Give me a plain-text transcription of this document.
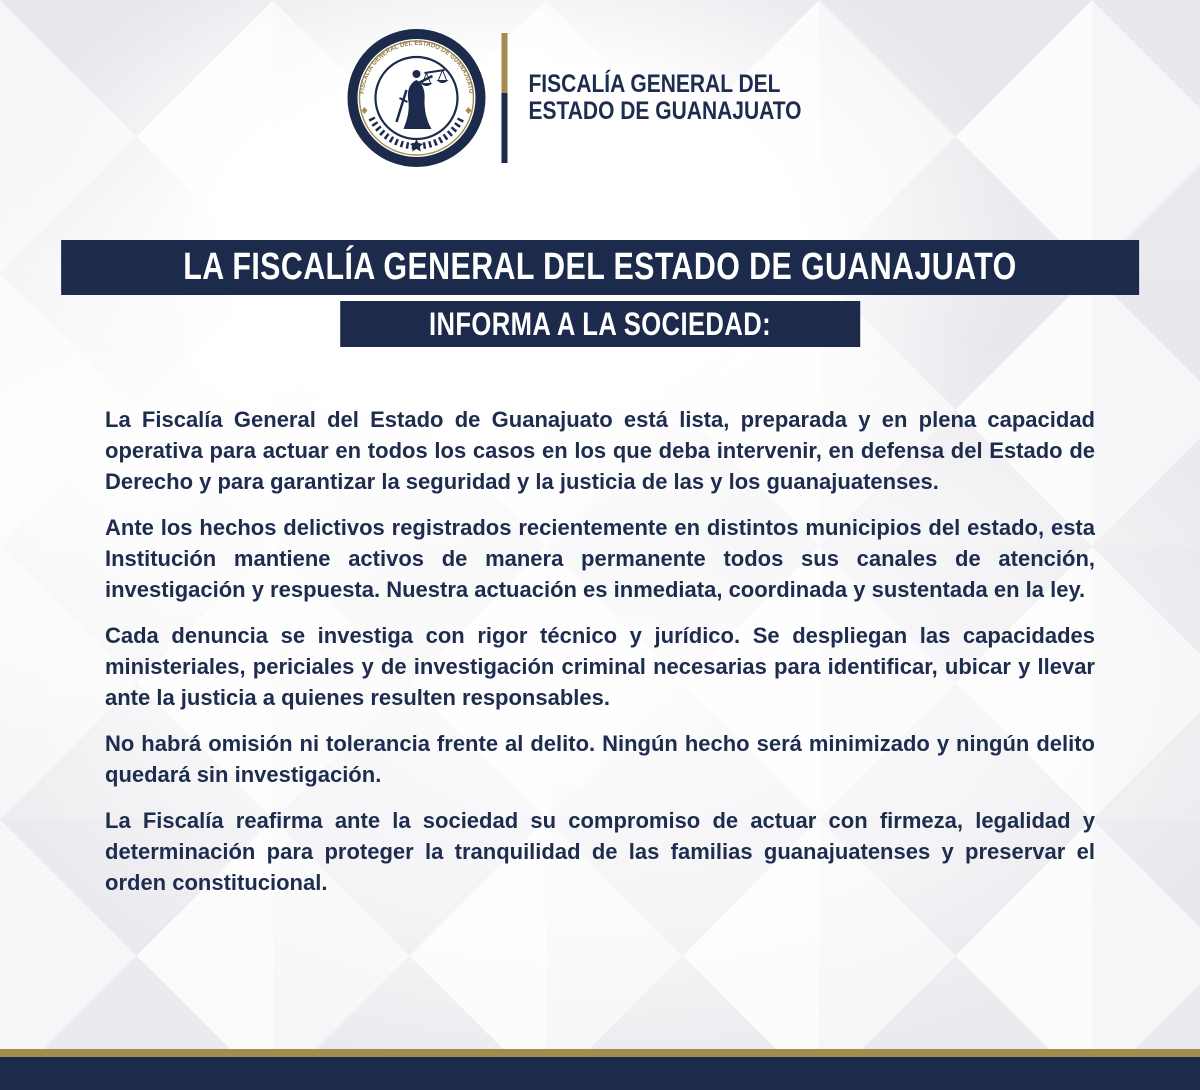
FISCALÍA GENERAL DEL ESTADO DE GUANAJUATO FISCALÍA GENERAL DEL
ESTADO DE GUANAJUATO
LA FISCALÍA GENERAL DEL ESTADO DE GUANAJUATO
INFORMA A LA SOCIEDAD:

La Fiscalía General del Estado de Guanajuato está lista, preparada y en plena capacidad operativa para actuar en todos los casos en los que deba intervenir, en defensa del Estado de Derecho y para garantizar la seguridad y la justicia de las y los guanajuatenses.

Ante los hechos delictivos registrados recientemente en distintos municipios del estado, esta Institución mantiene activos de manera permanente todos sus canales de atención, investigación y respuesta. Nuestra actuación es inmediata, coordinada y sustentada en la ley.

Cada denuncia se investiga con rigor técnico y jurídico. Se despliegan las capacidades ministeriales, periciales y de investigación criminal necesarias para identificar, ubicar y llevar ante la justicia a quienes resulten responsables.

No habrá omisión ni tolerancia frente al delito. Ningún hecho será minimizado y ningún delito quedará sin investigación.

La Fiscalía reafirma ante la sociedad su compromiso de actuar con firmeza, legalidad y determinación para proteger la tranquilidad de las familias guanajuatenses y preservar el orden constitucional.
